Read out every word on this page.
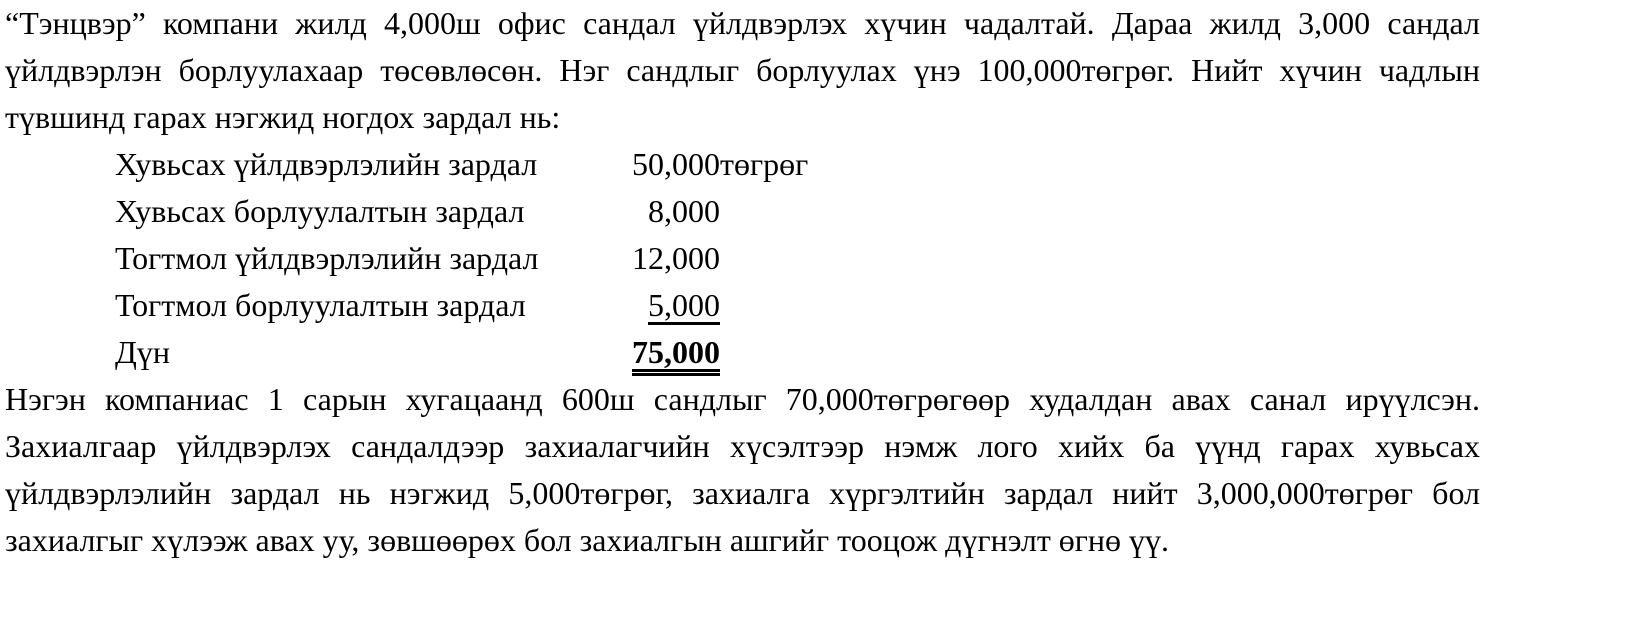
“Тэнцвэр” компани жилд 4,000ш офис сандал үйлдвэрлэх хүчин чадалтай. Дараа жилд 3,000 сандал үйлдвэрлэн борлуулахаар төсөвлөсөн. Нэг сандлыг борлуулах үнэ 100,000төгрөг. Нийт хүчин чадлын түвшинд гарах нэгжид ногдох зардал нь:

Хувьсах үйлдвэрлэлийн зардал	50,000	төгрөг
Хувьсах борлуулалтын зардал	8,000	
Тогтмол үйлдвэрлэлийн зардал	12,000	
Тогтмол борлуулалтын зардал	5,000	
Дүн	75,000	

Нэгэн компаниас 1 сарын хугацаанд 600ш сандлыг 70,000төгрөгөөр худалдан авах санал ирүүлсэн. Захиалгаар үйлдвэрлэх сандалдээр захиалагчийн хүсэлтээр нэмж лого хийх ба үүнд гарах хувьсах үйлдвэрлэлийн зардал нь нэгжид 5,000төгрөг, захиалга хүргэлтийн зардал нийт 3,000,000төгрөг бол захиалгыг хүлээж авах уу, зөвшөөрөх бол захиалгын ашгийг тооцож дүгнэлт өгнө үү.
